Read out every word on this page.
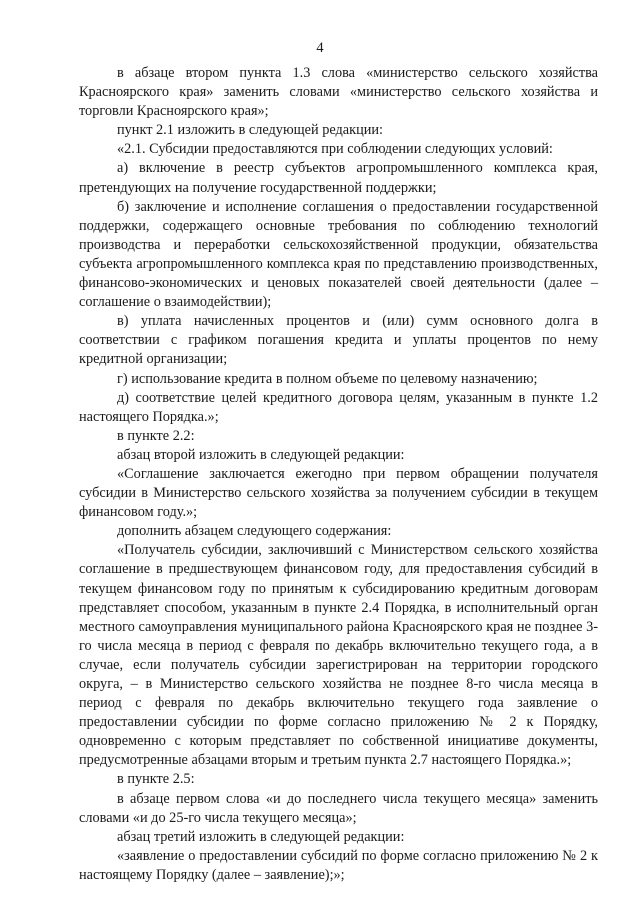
4

в абзаце втором пункта 1.3 слова «министерство сельского хозяйства Красноярского края» заменить словами «министерство сельского хозяйства и торговли Красноярского края»;

пункт 2.1 изложить в следующей редакции:

«2.1. Субсидии предоставляются при соблюдении следующих условий:

а) включение в реестр субъектов агропромышленного комплекса края, претендующих на получение государственной поддержки;

б) заключение и исполнение соглашения о предоставлении государственной поддержки, содержащего основные требования по соблюдению технологий производства и переработки сельскохозяйственной продукции, обязательства субъекта агропромышленного комплекса края по представлению производственных, финансово-экономических и ценовых показателей своей деятельности (далее – соглашение о взаимодействии);

в) уплата начисленных процентов и (или) сумм основного долга в соответствии с графиком погашения кредита и уплаты процентов по нему кредитной организации;

г) использование кредита в полном объеме по целевому назначению;

д) соответствие целей кредитного договора целям, указанным в пункте 1.2 настоящего Порядка.»;

в пункте 2.2:

абзац второй изложить в следующей редакции:

«Соглашение заключается ежегодно при первом обращении получателя субсидии в Министерство сельского хозяйства за получением субсидии в текущем финансовом году.»;

дополнить абзацем следующего содержания:

«Получатель субсидии, заключивший с Министерством сельского хозяйства соглашение в предшествующем финансовом году, для предоставления субсидий в текущем финансовом году по принятым к субсидированию кредитным договорам представляет способом, указанным в пункте 2.4 Порядка, в исполнительный орган местного самоуправления муниципального района Красноярского края не позднее 3-го числа месяца в период с февраля по декабрь включительно текущего года, а в случае, если получатель субсидии зарегистрирован на территории городского округа, – в Министерство сельского хозяйства не позднее 8-го числа месяца в период с февраля по декабрь включительно текущего года заявление о предоставлении субсидии по форме согласно приложению № 2 к Порядку, одновременно с которым представляет по собственной инициативе документы, предусмотренные абзацами вторым и третьим пункта 2.7 настоящего Порядка.»;

в пункте 2.5:

в абзаце первом слова «и до последнего числа текущего месяца» заменить словами «и до 25-го числа текущего месяца»;

абзац третий изложить в следующей редакции:

«заявление о предоставлении субсидий по форме согласно приложению № 2 к настоящему Порядку (далее – заявление);»;
